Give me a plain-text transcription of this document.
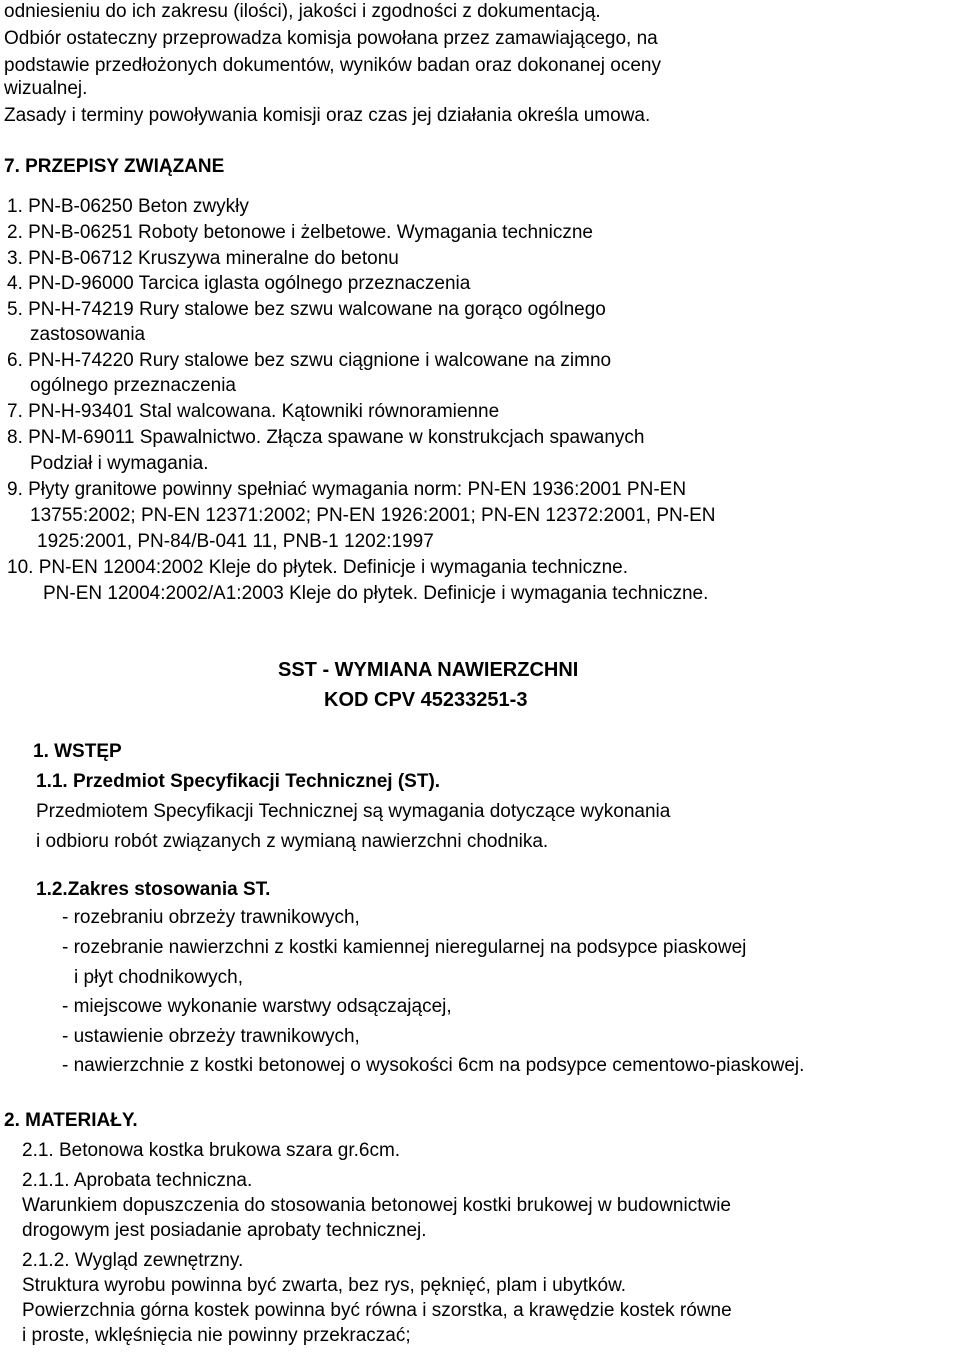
odniesieniu do ich zakresu (ilości), jakości i zgodności z dokumentacją.
Odbiór ostateczny przeprowadza komisja powołana przez zamawiającego, na
podstawie przedłożonych dokumentów, wyników badan oraz dokonanej oceny
wizualnej.
Zasady i terminy powoływania komisji oraz czas jej działania określa umowa.
7. PRZEPISY ZWIĄZANE
1. PN-B-06250 Beton zwykły
2. PN-B-06251 Roboty betonowe i żelbetowe. Wymagania techniczne
3. PN-B-06712 Kruszywa mineralne do betonu
4. PN-D-96000 Tarcica iglasta ogólnego przeznaczenia
5. PN-H-74219 Rury stalowe bez szwu walcowane na gorąco ogólnego
zastosowania
6. PN-H-74220 Rury stalowe bez szwu ciągnione i walcowane na zimno
ogólnego przeznaczenia
7. PN-H-93401 Stal walcowana. Kątowniki równoramienne
8. PN-M-69011 Spawalnictwo. Złącza spawane w konstrukcjach spawanych
Podział i wymagania.
9. Płyty granitowe powinny spełniać wymagania norm: PN-EN 1936:2001 PN-EN
13755:2002; PN-EN 12371:2002; PN-EN 1926:2001; PN-EN 12372:2001, PN-EN
1925:2001, PN-84/B-041 11, PNB-1 1202:1997
10. PN-EN 12004:2002 Kleje do płytek. Definicje i wymagania techniczne.
PN-EN 12004:2002/A1:2003 Kleje do płytek. Definicje i wymagania techniczne.
SST - WYMIANA NAWIERZCHNI
KOD CPV 45233251-3
1. WSTĘP
1.1. Przedmiot Specyfikacji Technicznej (ST).
Przedmiotem Specyfikacji Technicznej są wymagania dotyczące wykonania
i odbioru robót związanych z wymianą nawierzchni chodnika.
1.2.Zakres stosowania ST.
- rozebraniu obrzeży trawnikowych,
- rozebranie nawierzchni z kostki kamiennej nieregularnej na podsypce piaskowej
i płyt chodnikowych,
- miejscowe wykonanie warstwy odsączającej,
- ustawienie obrzeży trawnikowych,
- nawierzchnie z kostki betonowej o wysokości 6cm na podsypce cementowo-piaskowej.
2. MATERIAŁY.
2.1. Betonowa kostka brukowa szara gr.6cm.
2.1.1. Aprobata techniczna.
Warunkiem dopuszczenia do stosowania betonowej kostki brukowej w budownictwie
drogowym jest posiadanie aprobaty technicznej.
2.1.2. Wygląd zewnętrzny.
Struktura wyrobu powinna być zwarta, bez rys, pęknięć, plam i ubytków.
Powierzchnia górna kostek powinna być równa i szorstka, a krawędzie kostek równe
i proste, wklęśnięcia nie powinny przekraczać;
